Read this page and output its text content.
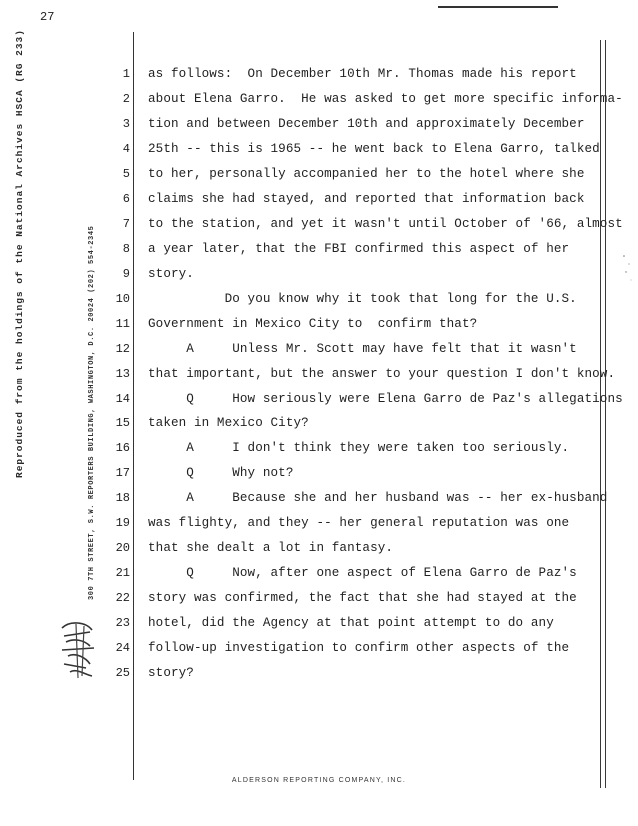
27
Reproduced from the holdings of the National Archives HSCA (RG 233)	300 7TH STREET, S.W. REPORTERS BUILDING, WASHINGTON, D.C. 20024 (202) 554-2345
1 as follows:  On December 10th Mr. Thomas made his report
2 about Elena Garro.  He was asked to get more specific informa-
3 tion and between December 10th and approximately December
4 25th -- this is 1965 -- he went back to Elena Garro, talked
5 to her, personally accompanied her to the hotel where she
6 claims she had stayed, and reported that information back
7 to the station, and yet it wasn't until October of '66, almost
8 a year later, that the FBI confirmed this aspect of her
9 story.
10 Do you know why it took that long for the U.S.
11 Government in Mexico City to  confirm that?
12 A     Unless Mr. Scott may have felt that it wasn't
13 that important, but the answer to your question I don't know.
14 Q     How seriously were Elena Garro de Paz's allegations
15 taken in Mexico City?
16 A     I don't think they were taken too seriously.
17 Q     Why not?
18 A     Because she and her husband was -- her ex-husband
19 was flighty, and they -- her general reputation was one
20 that she dealt a lot in fantasy.
21 Q     Now, after one aspect of Elena Garro de Paz's
22 story was confirmed, the fact that she had stayed at the
23 hotel, did the Agency at that point attempt to do any
24 follow-up investigation to confirm other aspects of the
25 story?
ALDERSON REPORTING COMPANY, INC.
